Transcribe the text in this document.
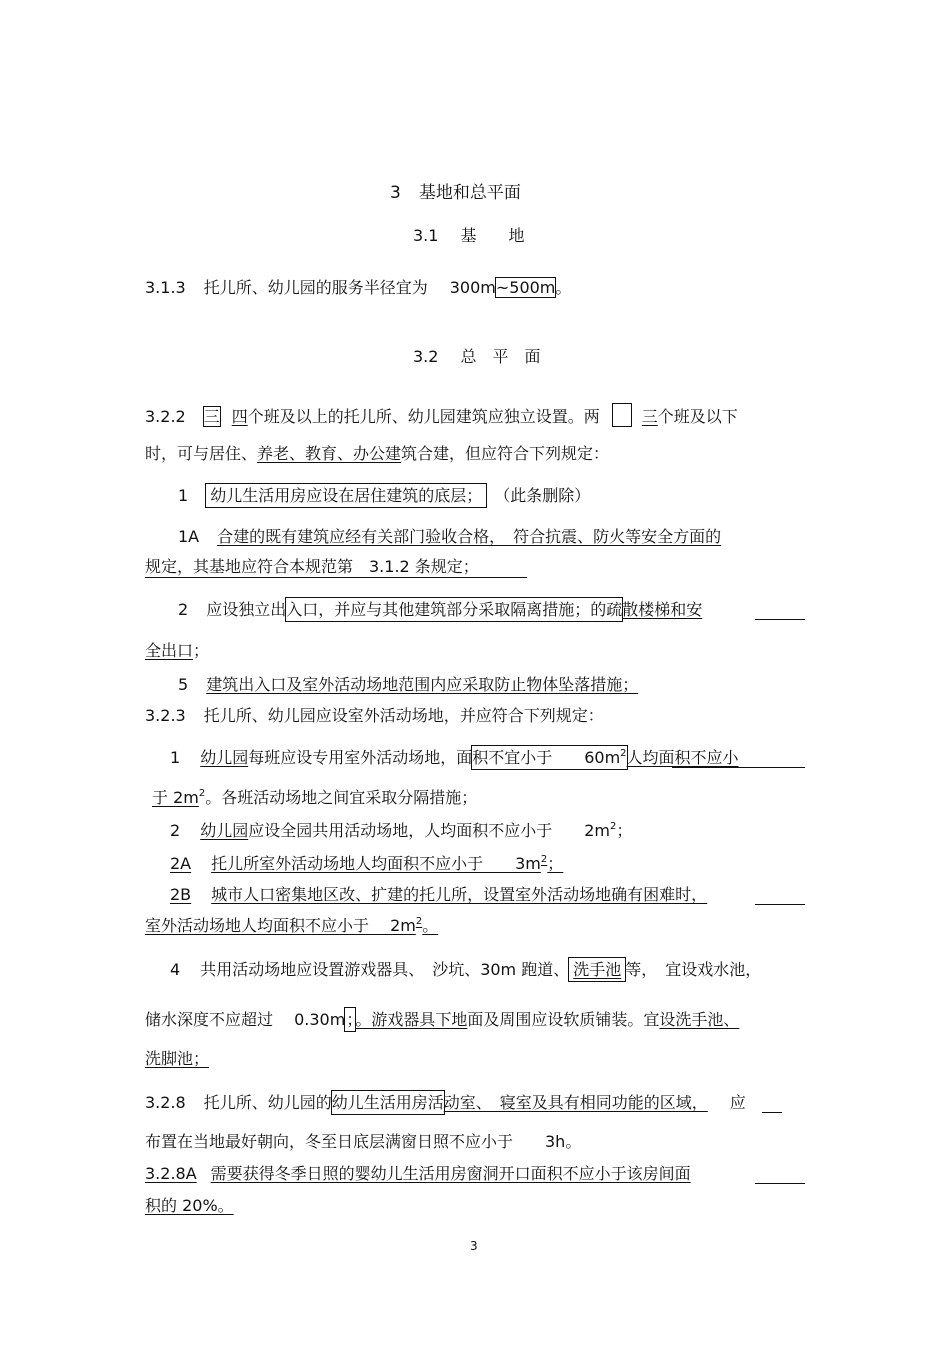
3 基地和总平面
3.1 基　　地
3.1.3 托儿所、幼儿园的服务半径宜为 300m~500m。
3.2 总　平　面
3.2.2 三 四个班及以上的托儿所、幼儿园建筑应独立设置。两	三个班及以下
时，可与居住、养老、教育、办公建筑合建，但应符合下列规定：
1 幼儿生活用房应设在居住建筑的底层； （此条删除）
1A 合建的既有建筑应经有关部门验收合格，　符合抗震、防火等安全方面的
规定，其基地应符合本规范第　3.1.2 条规定；
2 应设独立出入口，并应与其他建筑部分采取隔离措施；的疏散楼梯和安
全出口；
5 建筑出入口及室外活动场地范围内应采取防止物体坠落措施；
3.2.3 托儿所、幼儿园应设室外活动场地，并应符合下列规定：
1 幼儿园每班应设专用室外活动场地，面积不宜小于　　$60m^2$人均面积不应小
于 $2m^2$。各班活动场地之间宜采取分隔措施；
2 幼儿园应设全园共用活动场地，人均面积不应小于　　$2m^2$；
2A 托儿所室外活动场地人均面积不应小于　　$3m^2$；
2B 城市人口密集地区改、扩建的托儿所，设置室外活动场地确有困难时，
室外活动场地人均面积不应小于　 $2m^2$。
4 共用活动场地应设置游戏器具、　沙坑、30m 跑道、 洗手池 等，　宜设戏水池，
储水深度不应超过　 0.30m；。游戏器具下地面及周围应设软质铺装。宜设洗手池、
洗脚池；
3.2.8 托儿所、幼儿园的幼儿生活用房活动室、　寝室及具有相同功能的区域， 应
布置在当地最好朝向，冬至日底层满窗日照不应小于　　3h。
3.2.8A 需要获得冬季日照的婴幼儿生活用房窗洞开口面积不应小于该房间面
积的 20%。
3
